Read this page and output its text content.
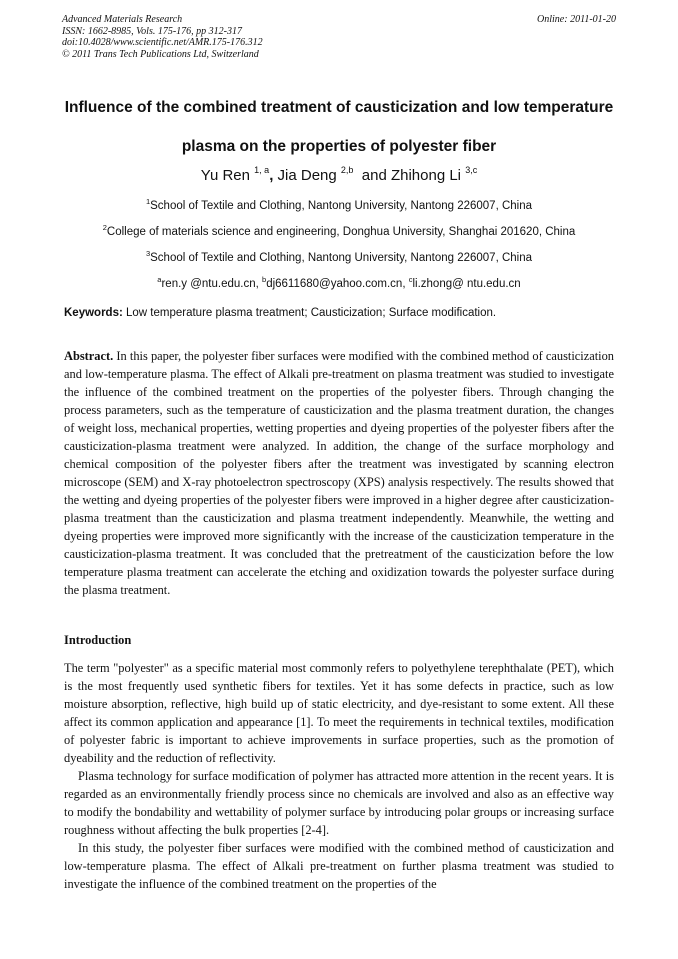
Advanced Materials Research
ISSN: 1662-8985, Vols. 175-176, pp 312-317
doi:10.4028/www.scientific.net/AMR.175-176.312
© 2011 Trans Tech Publications Ltd, Switzerland
Online: 2011-01-20
Influence of the combined treatment of causticization and low temperature plasma on the properties of polyester fiber
Yu Ren $^{1, a}$, Jia Deng $^{2,b}$ and Zhihong Li $^{3,c}$
$^1$School of Textile and Clothing, Nantong University, Nantong 226007, China
$^2$College of materials science and engineering, Donghua University, Shanghai 201620, China
$^3$School of Textile and Clothing, Nantong University, Nantong 226007, China
$^a$ren.y @ntu.edu.cn, $^b$dj6611680@yahoo.com.cn, $^c$li.zhong@ ntu.edu.cn
Keywords: Low temperature plasma treatment; Causticization; Surface modification.
Abstract. In this paper, the polyester fiber surfaces were modified with the combined method of causticization and low-temperature plasma. The effect of Alkali pre-treatment on plasma treatment was studied to investigate the influence of the combined treatment on the properties of the polyester fibers. Through changing the process parameters, such as the temperature of causticization and the plasma treatment duration, the changes of weight loss, mechanical properties, wetting properties and dyeing properties of the polyester fibers after the causticization-plasma treatment were analyzed. In addition, the change of the surface morphology and chemical composition of the polyester fibers after the treatment was investigated by scanning electron microscope (SEM) and X-ray photoelectron spectroscopy (XPS) analysis respectively. The results showed that the wetting and dyeing properties of the polyester fibers were improved in a higher degree after causticization-plasma treatment than the causticization and plasma treatment independently. Meanwhile, the wetting and dyeing properties were improved more significantly with the increase of the causticization temperature in the causticization-plasma treatment. It was concluded that the pretreatment of the causticization before the low temperature plasma treatment can accelerate the etching and oxidization towards the polyester surface during the plasma treatment.
Introduction

The term "polyester" as a specific material most commonly refers to polyethylene terephthalate (PET), which is the most frequently used synthetic fibers for textiles. Yet it has some defects in practice, such as low moisture absorption, reflective, high build up of static electricity, and dye-resistant to some extent. All these affect its common application and appearance [1]. To meet the requirements in technical textiles, modification of polyester fabric is important to achieve improvements in surface properties, such as the promotion of dyeability and the reduction of reflectivity.

Plasma technology for surface modification of polymer has attracted more attention in the recent years. It is regarded as an environmentally friendly process since no chemicals are involved and also as an effective way to modify the bondability and wettability of polymer surface by introducing polar groups or increasing surface roughness without affecting the bulk properties [2-4].

In this study, the polyester fiber surfaces were modified with the combined method of causticization and low-temperature plasma. The effect of Alkali pre-treatment on further plasma treatment was studied to investigate the influence of the combined treatment on the properties of the
